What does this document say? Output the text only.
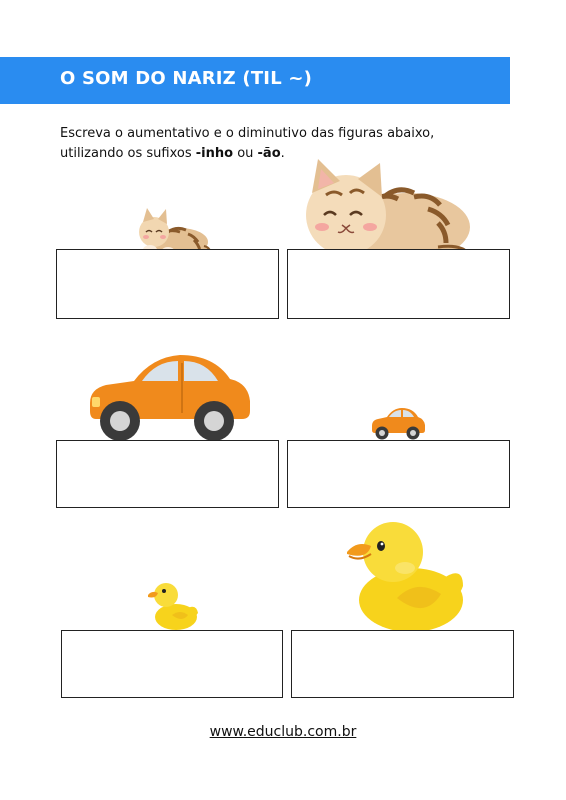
O SOM DO NARIZ (TIL ~)
Escreva o aumentativo e o diminutivo das figuras abaixo, utilizando os sufixos -inho ou -ão.
www.educlub.com.br
